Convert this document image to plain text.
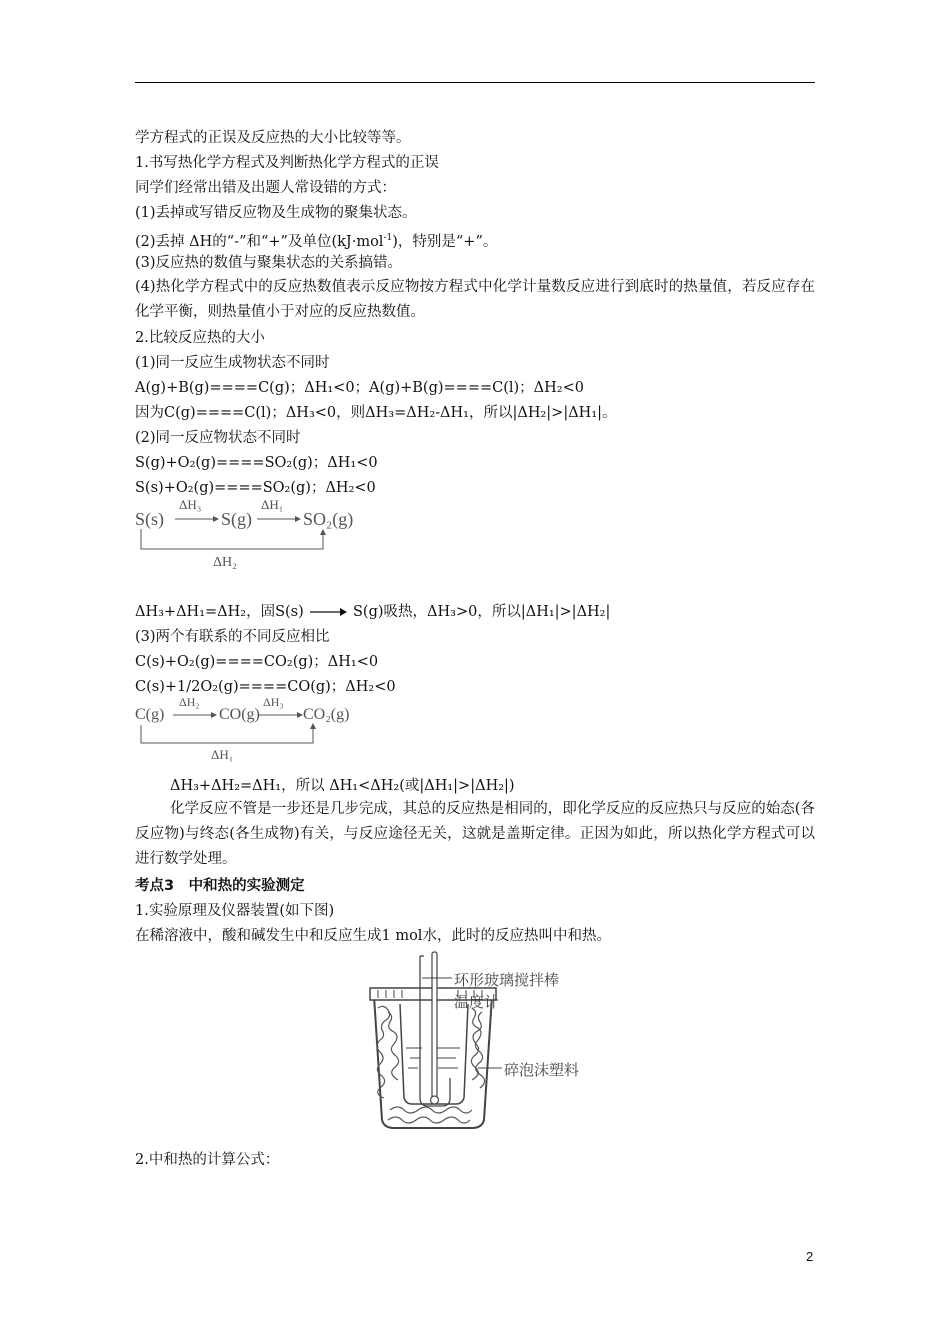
学方程式的正误及反应热的大小比较等等。
1.书写热化学方程式及判断热化学方程式的正误
同学们经常出错及出题人常设错的方式：
(1)丢掉或写错反应物及生成物的聚集状态。
(2)丢掉 ΔH的“-”和“+”及单位(kJ·mol$^{-1}$)，特别是“+”。
(3)反应热的数值与聚集状态的关系搞错。
(4)热化学方程式中的反应热数值表示反应物按方程式中化学计量数反应进行到底时的热量值，若反应存在化学平衡，则热量值小于对应的反应热数值。
2.比较反应热的大小
(1)同一反应生成物状态不同时
A(g)+B(g)====C(g)；ΔH₁<0；A(g)+B(g)====C(l)；ΔH₂<0
因为C(g)====C(l)；ΔH₃<0，则ΔH₃=ΔH₂-ΔH₁，所以|ΔH₂|>|ΔH₁|。
(2)同一反应物状态不同时
S(g)+O₂(g)====SO₂(g)；ΔH₁<0
S(s)+O₂(g)====SO₂(g)；ΔH₂<0
S(s)
ΔH₃
S(g)
ΔH₁
SO₂(g)
ΔH₂
ΔH₃+ΔH₁=ΔH₂，固S(s)	S(g)吸热，ΔH₃>0，所以|ΔH₁|>|ΔH₂|
(3)两个有联系的不同反应相比
C(s)+O₂(g)====CO₂(g)；ΔH₁<0
C(s)+1/2O₂(g)====CO(g)；ΔH₂<0
C(g)
ΔH₂
CO(g)
ΔH₃
CO₂(g)
ΔH₁
ΔH₃+ΔH₂=ΔH₁，所以 ΔH₁<ΔH₂(或|ΔH₁|>|ΔH₂|)
化学反应不管是一步还是几步完成，其总的反应热是相同的，即化学反应的反应热只与反应的始态(各反应物)与终态(各生成物)有关，与反应途径无关，这就是盖斯定律。正因为如此，所以热化学方程式可以进行数学处理。
考点3　中和热的实验测定
1.实验原理及仪器装置(如下图)
在稀溶液中，酸和碱发生中和反应生成1 mol水，此时的反应热叫中和热。
环形玻璃搅拌棒
温度计
碎泡沫塑料
2.中和热的计算公式：
2
